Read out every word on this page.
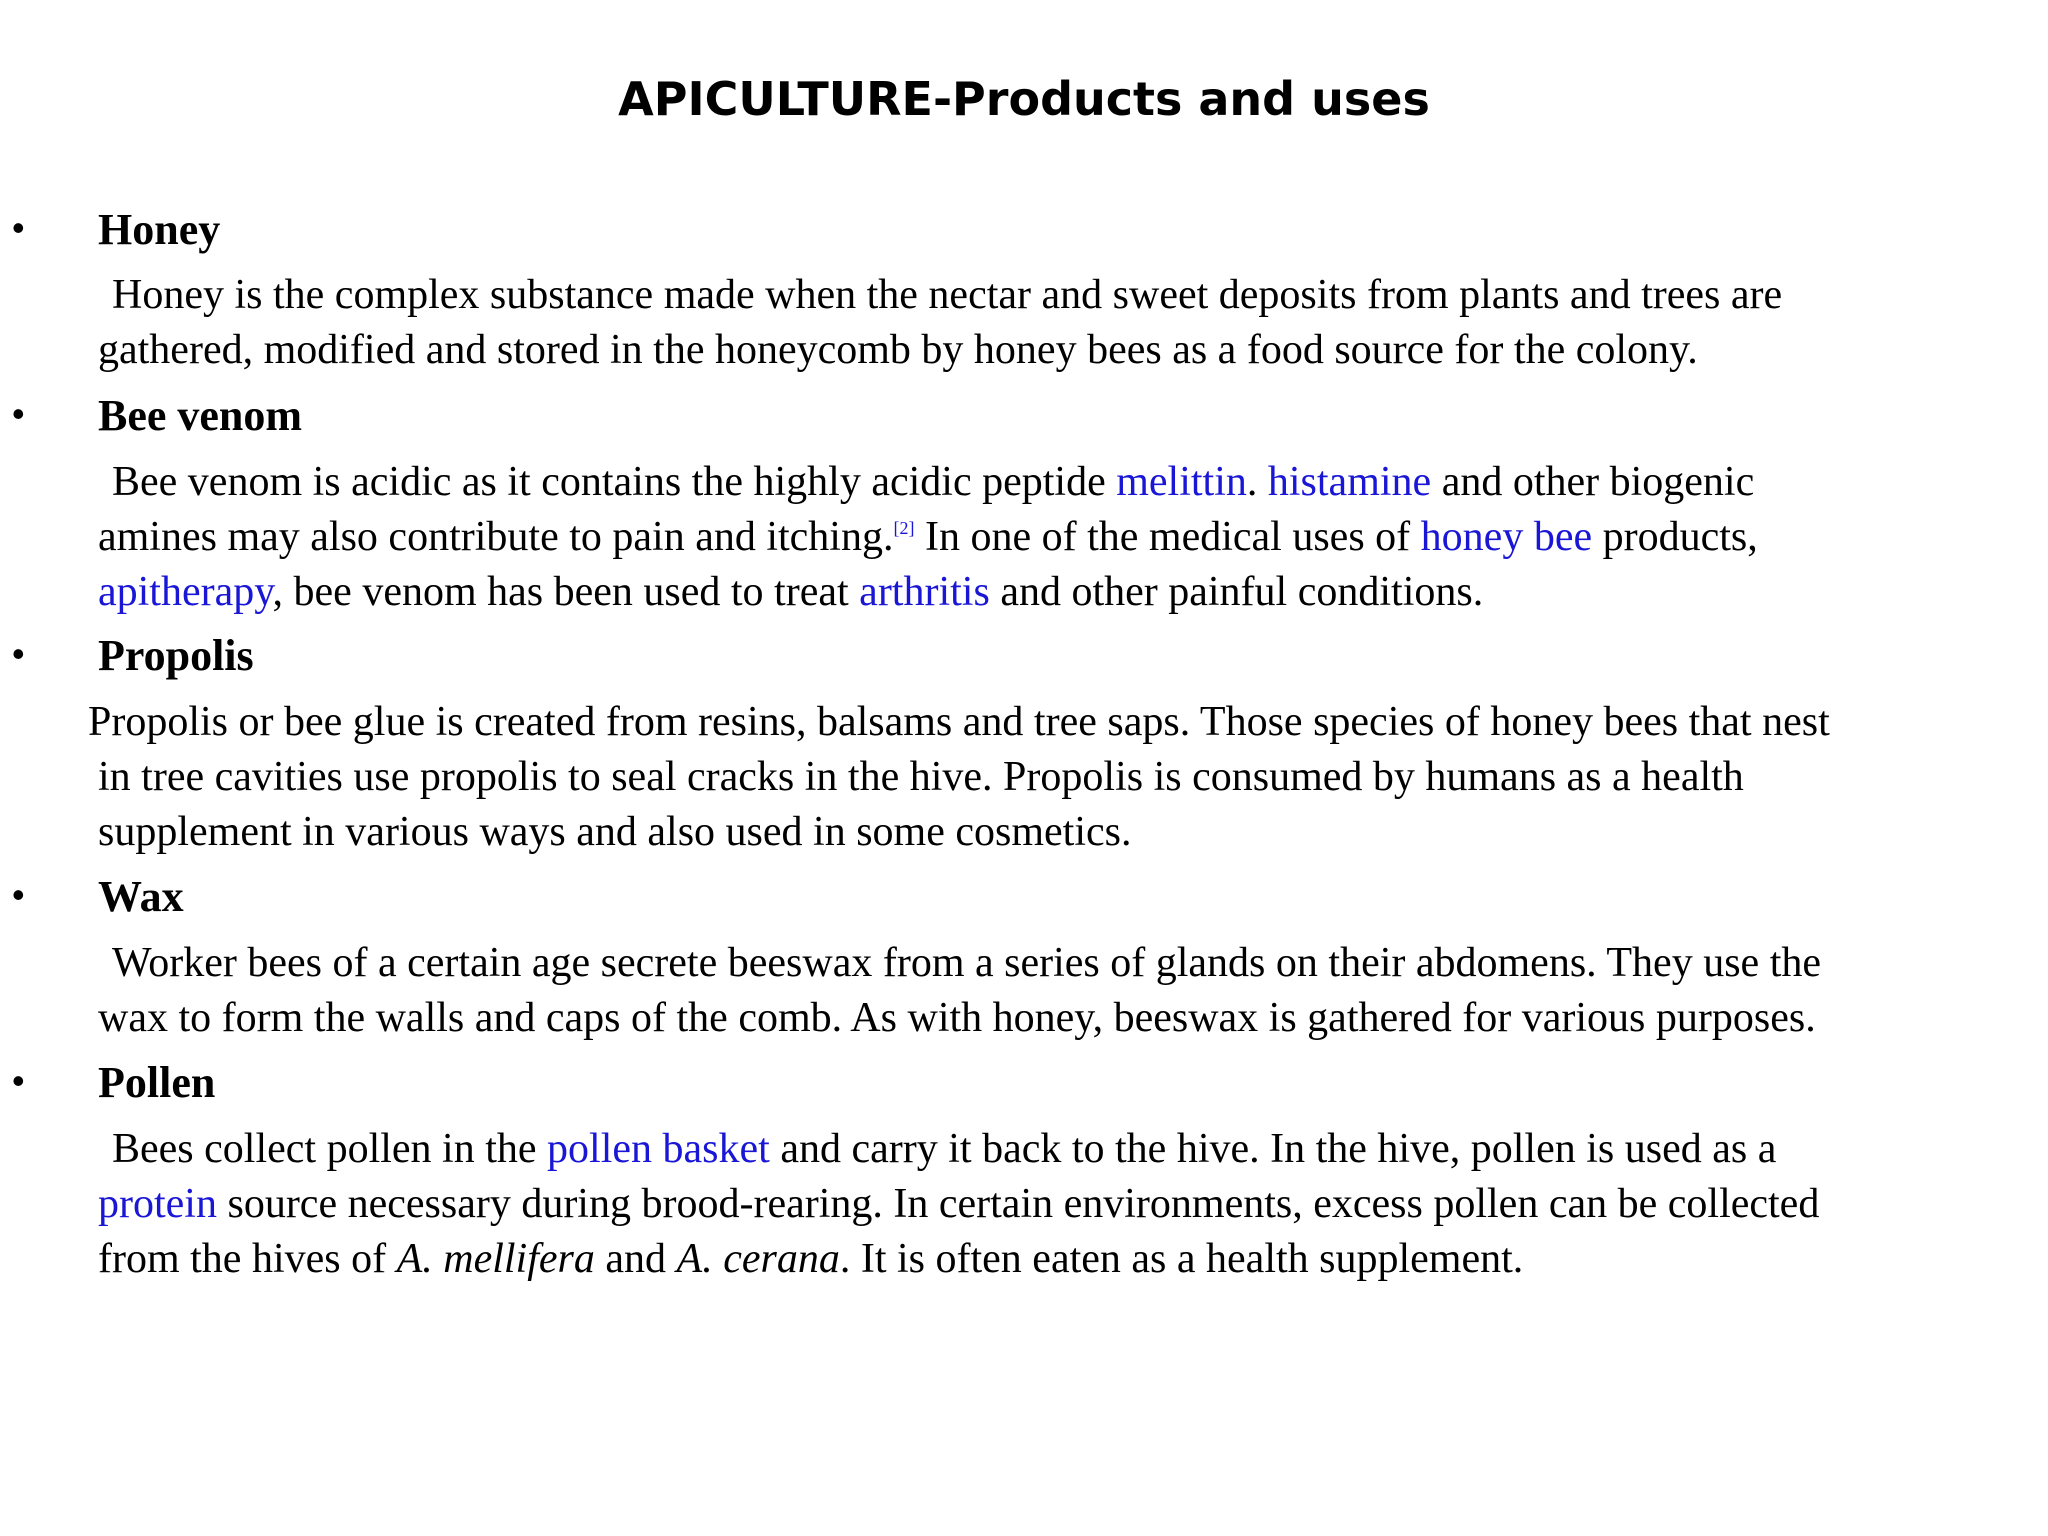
APICULTURE-Products and uses
• Honey

Honey is the complex substance made when the nectar and sweet deposits from plants and trees are
gathered, modified and stored in the honeycomb by honey bees as a food source for the colony.

• Bee venom

Bee venom is acidic as it contains the highly acidic peptide melittin. histamine and other biogenic
amines may also contribute to pain and itching.[2] In one of the medical uses of honey bee products,
apitherapy, bee venom has been used to treat arthritis and other painful conditions.

• Propolis

Propolis or bee glue is created from resins, balsams and tree saps. Those species of honey bees that nest
in tree cavities use propolis to seal cracks in the hive. Propolis is consumed by humans as a health
supplement in various ways and also used in some cosmetics.

• Wax

Worker bees of a certain age secrete beeswax from a series of glands on their abdomens. They use the
wax to form the walls and caps of the comb. As with honey, beeswax is gathered for various purposes.

• Pollen

Bees collect pollen in the pollen basket and carry it back to the hive. In the hive, pollen is used as a
protein source necessary during brood-rearing. In certain environments, excess pollen can be collected
from the hives of A. mellifera and A. cerana. It is often eaten as a health supplement.
